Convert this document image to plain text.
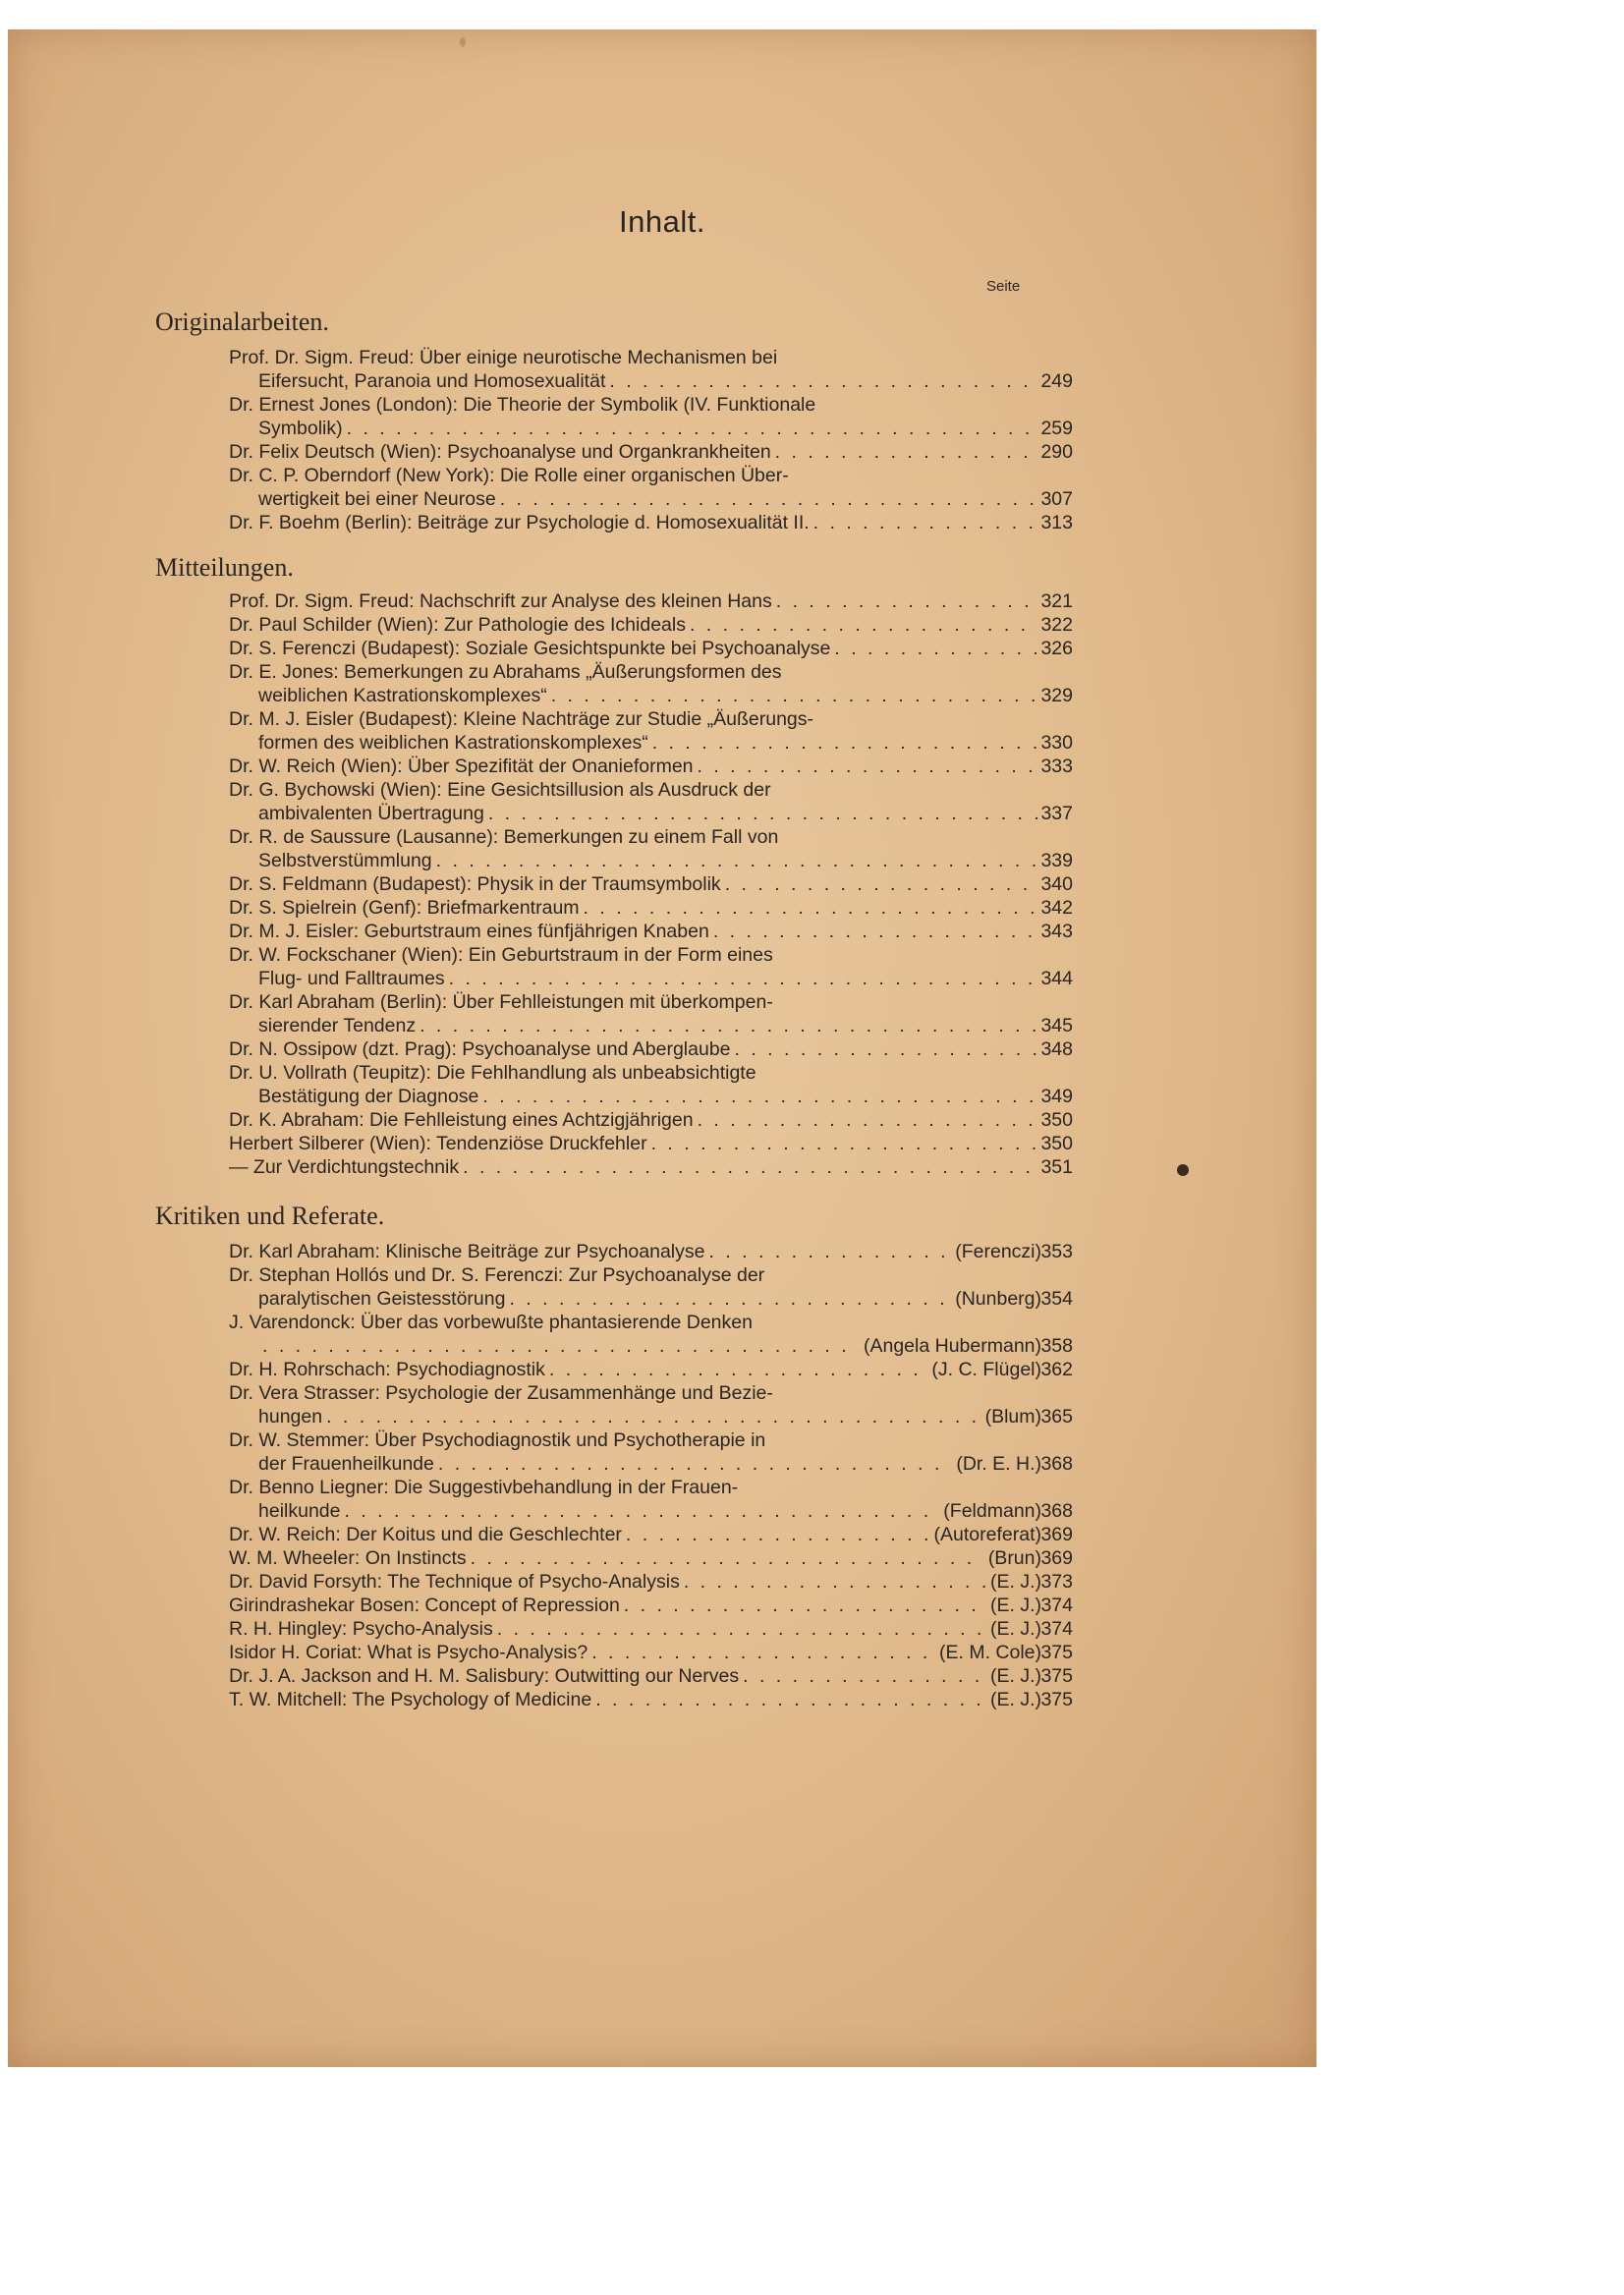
Inhalt.
Seite
Originalarbeiten.
Prof. Dr. Sigm. Freud: Über einige neurotische Mechanismen bei
Eifersucht, Paranoia und Homosexualität . . .	249
Dr. Ernest Jones (London): Die Theorie der Symbolik (IV. Funktionale
Symbolik) . . .	259
Dr. Felix Deutsch (Wien): Psychoanalyse und Organkrankheiten . . .	290
Dr. C. P. Oberndorf (New York): Die Rolle einer organischen Über-
wertigkeit bei einer Neurose . . .	307
Dr. F. Boehm (Berlin): Beiträge zur Psychologie d. Homosexualität II. . . .	313
Mitteilungen.
Prof. Dr. Sigm. Freud: Nachschrift zur Analyse des kleinen Hans . . .	321
Dr. Paul Schilder (Wien): Zur Pathologie des Ichideals . . .	322
Dr. S. Ferenczi (Budapest): Soziale Gesichtspunkte bei Psychoanalyse . . .	326
Dr. E. Jones: Bemerkungen zu Abrahams „Äußerungsformen des
weiblichen Kastrationskomplexes“ . . .	329
Dr. M. J. Eisler (Budapest): Kleine Nachträge zur Studie „Äußerungs-
formen des weiblichen Kastrationskomplexes“ . . .	330
Dr. W. Reich (Wien): Über Spezifität der Onanieformen . . .	333
Dr. G. Bychowski (Wien): Eine Gesichtsillusion als Ausdruck der
ambivalenten Übertragung . . .	337
Dr. R. de Saussure (Lausanne): Bemerkungen zu einem Fall von
Selbstverstümmlung . . .	339
Dr. S. Feldmann (Budapest): Physik in der Traumsymbolik . . .	340
Dr. S. Spielrein (Genf): Briefmarkentraum . . .	342
Dr. M. J. Eisler: Geburtstraum eines fünfjährigen Knaben . . .	343
Dr. W. Fockschaner (Wien): Ein Geburtstraum in der Form eines
Flug- und Falltraumes . . .	344
Dr. Karl Abraham (Berlin): Über Fehlleistungen mit überkompen-
sierender Tendenz . . .	345
Dr. N. Ossipow (dzt. Prag): Psychoanalyse und Aberglaube . . .	348
Dr. U. Vollrath (Teupitz): Die Fehlhandlung als unbeabsichtigte
Bestätigung der Diagnose . . .	349
Dr. K. Abraham: Die Fehlleistung eines Achtzigjährigen . . .	350
Herbert Silberer (Wien): Tendenziöse Druckfehler . . .	350
— Zur Verdichtungstechnik . . .	351
Kritiken und Referate.
Dr. Karl Abraham: Klinische Beiträge zur Psychoanalyse . . .	(Ferenczi) 353
Dr. Stephan Hollós und Dr. S. Ferenczi: Zur Psychoanalyse der
paralytischen Geistesstörung . . .	(Nunberg) 354
J. Varendonck: Über das vorbewußte phantasierende Denken
. . .
(Angela Hubermann) 358
Dr. H. Rohrschach: Psychodiagnostik . . .	(J. C. Flügel) 362
Dr. Vera Strasser: Psychologie der Zusammenhänge und Bezie-
hungen . . .	(Blum) 365
Dr. W. Stemmer: Über Psychodiagnostik und Psychotherapie in
der Frauenheilkunde . . .	(Dr. E. H.) 368
Dr. Benno Liegner: Die Suggestivbehandlung in der Frauen-
heilkunde . . .	(Feldmann) 368
Dr. W. Reich: Der Koitus und die Geschlechter . . .	(Autoreferat) 369
W. M. Wheeler: On Instincts . . .	(Brun) 369
Dr. David Forsyth: The Technique of Psycho-Analysis . . .	(E. J.) 373
Girindrashekar Bosen: Concept of Repression . . .	(E. J.) 374
R. H. Hingley: Psycho-Analysis . . .	(E. J.) 374
Isidor H. Coriat: What is Psycho-Analysis? . . .	(E. M. Cole) 375
Dr. J. A. Jackson and H. M. Salisbury: Outwitting our Nerves . . .	(E. J.) 375
T. W. Mitchell: The Psychology of Medicine . . .	(E. J.) 375
